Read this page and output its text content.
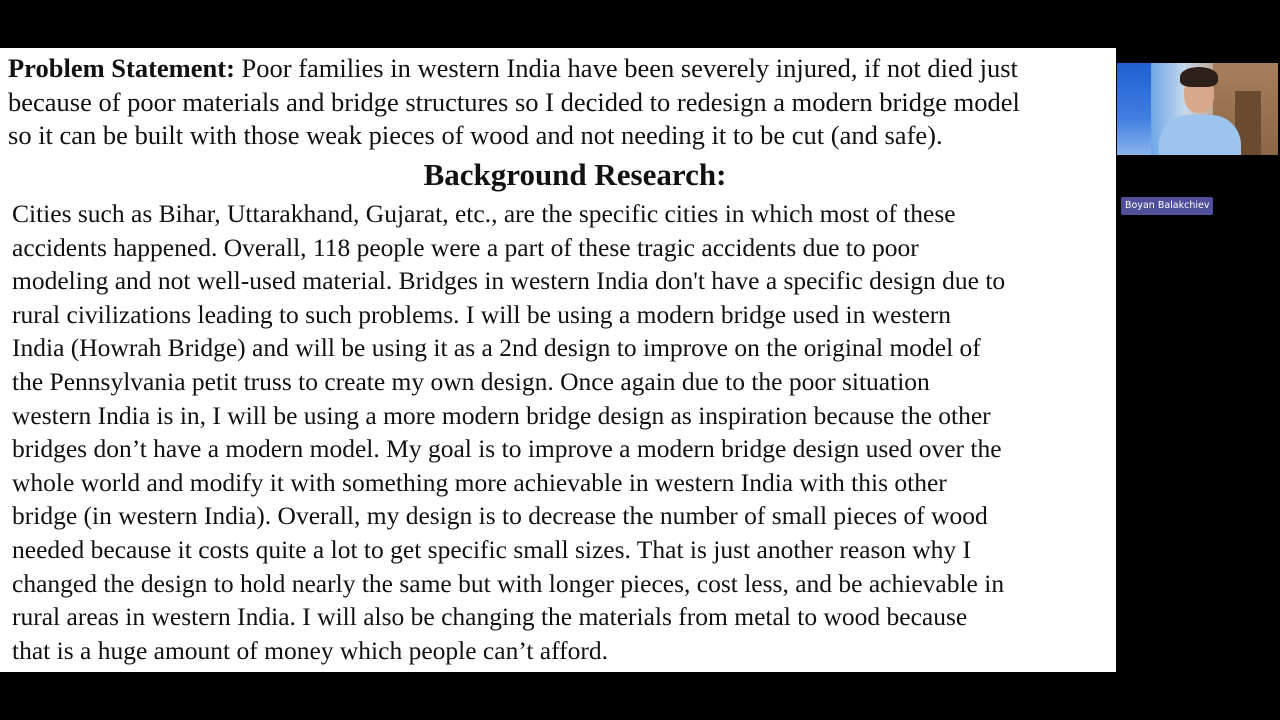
Problem Statement: Poor families in western India have been severely injured, if not died just
because of poor materials and bridge structures so I decided to redesign a modern bridge model
so it can be built with those weak pieces of wood and not needing it to be cut (and safe).

Background Research:

Cities such as Bihar, Uttarakhand, Gujarat, etc., are the specific cities in which most of these
accidents happened. Overall, 118 people were a part of these tragic accidents due to poor
modeling and not well-used material. Bridges in western India don't have a specific design due to
rural civilizations leading to such problems. I will be using a modern bridge used in western
India (Howrah Bridge) and will be using it as a 2nd design to improve on the original model of
the Pennsylvania petit truss to create my own design. Once again due to the poor situation
western India is in, I will be using a more modern bridge design as inspiration because the other
bridges don’t have a modern model. My goal is to improve a modern bridge design used over the
whole world and modify it with something more achievable in western India with this other
bridge (in western India). Overall, my design is to decrease the number of small pieces of wood
needed because it costs quite a lot to get specific small sizes. That is just another reason why I
changed the design to hold nearly the same but with longer pieces, cost less, and be achievable in
rural areas in western India. I will also be changing the materials from metal to wood because
that is a huge amount of money which people can’t afford.

Boyan Balakchiev
